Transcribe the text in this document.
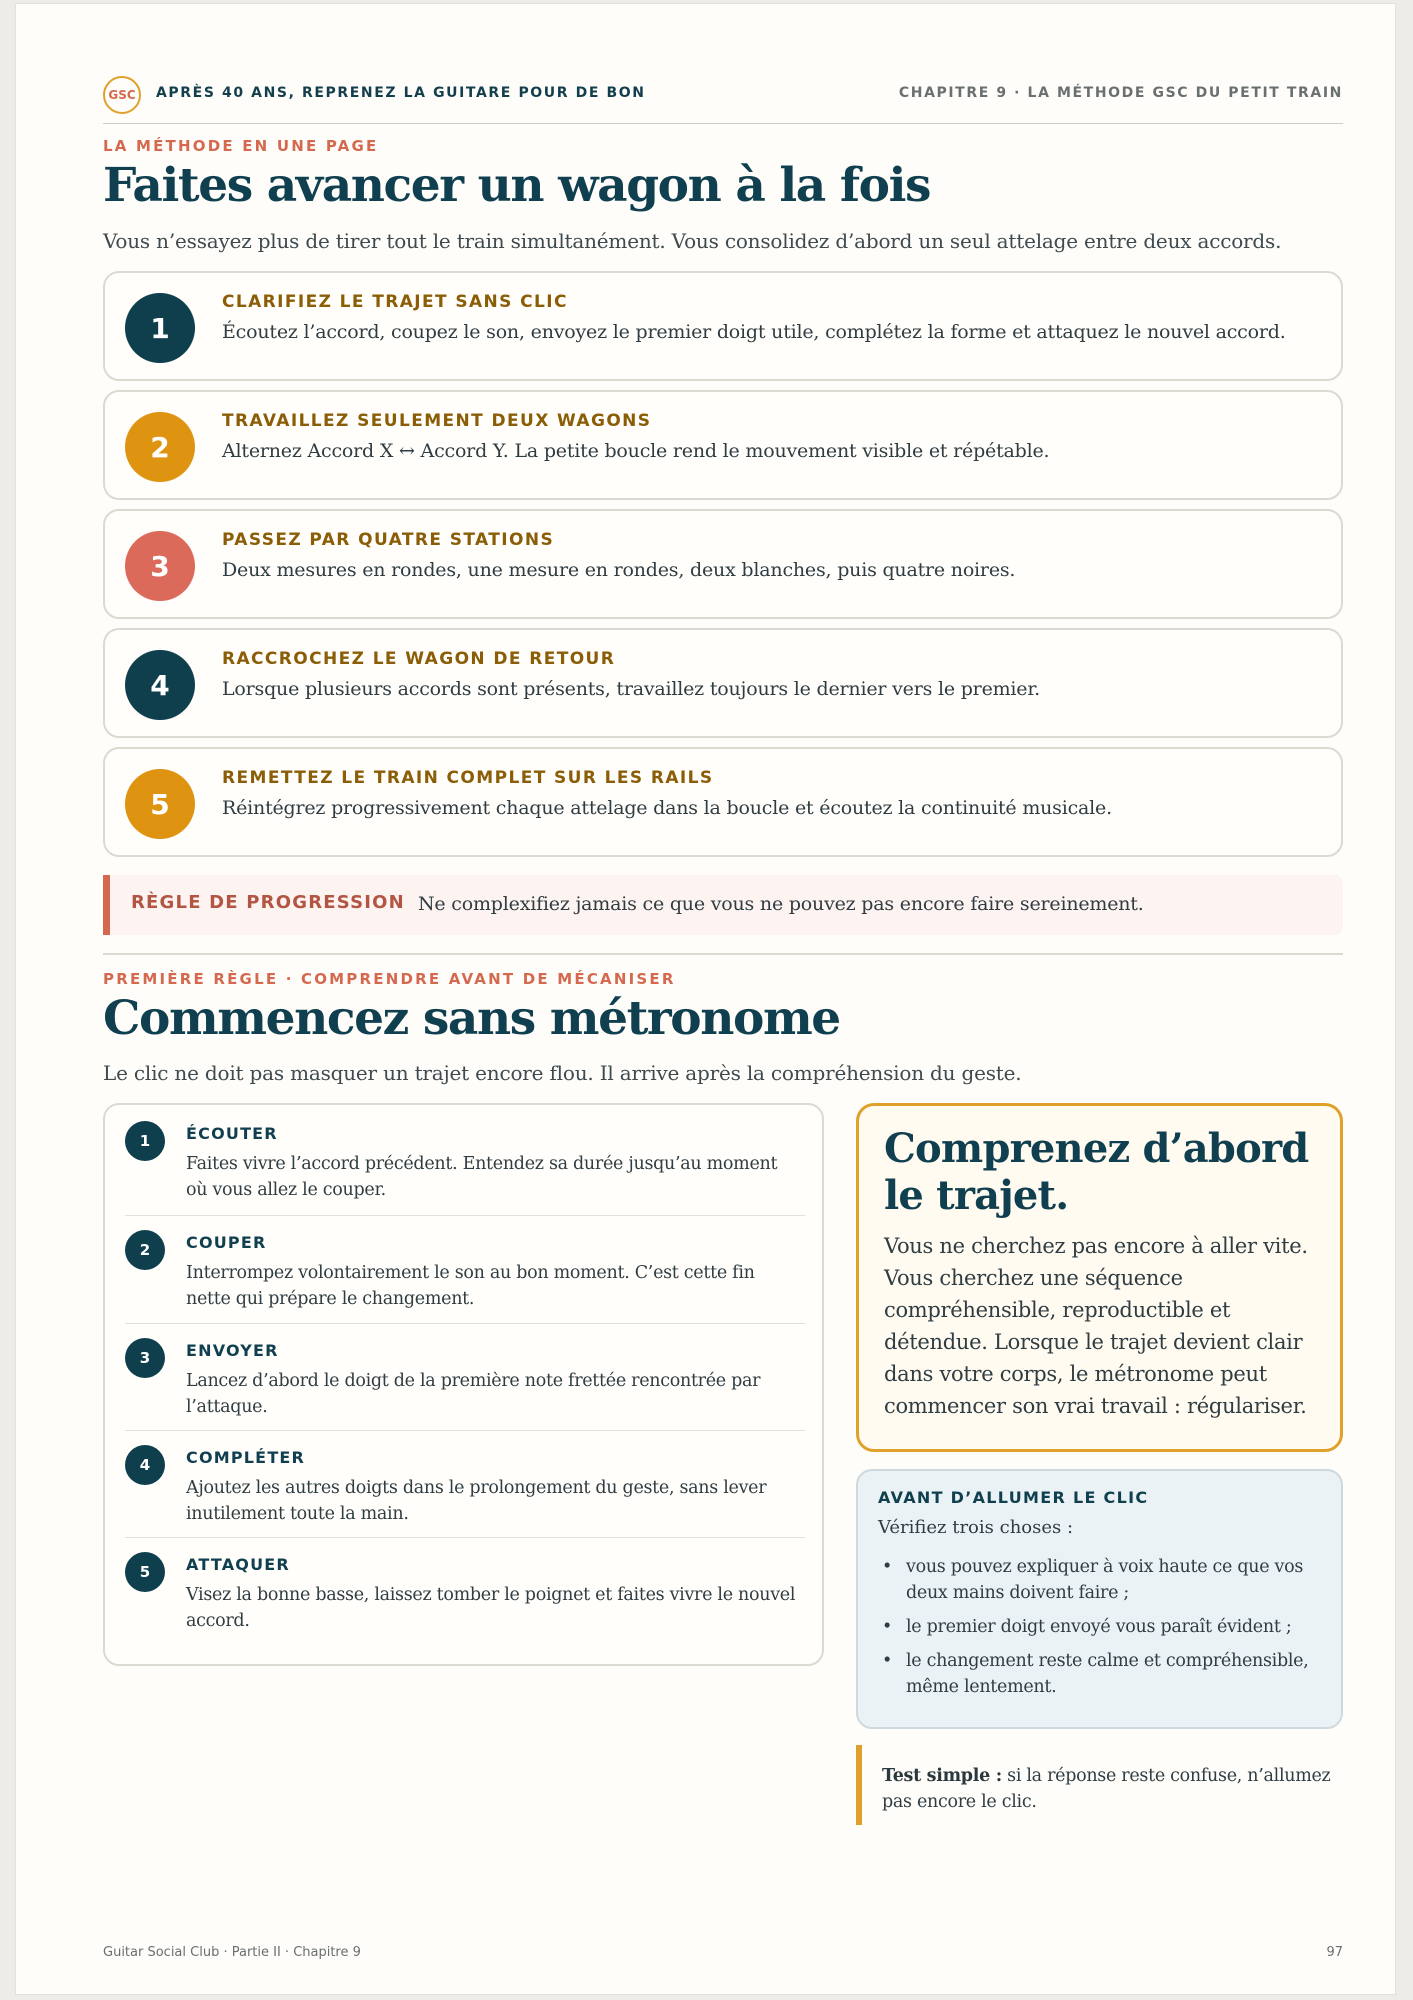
GSC	APRÈS 40 ANS, REPRENEZ LA GUITARE POUR DE BON	CHAPITRE 9 · LA MÉTHODE GSC DU PETIT TRAIN
LA MÉTHODE EN UNE PAGE
Faites avancer un wagon à la fois
Vous n’essayez plus de tirer tout le train simultanément. Vous consolidez d’abord un seul attelage entre deux accords.
1
CLARIFIEZ LE TRAJET SANS CLIC
Écoutez l’accord, coupez le son, envoyez le premier doigt utile, complétez la forme et attaquez le nouvel accord.
2
TRAVAILLEZ SEULEMENT DEUX WAGONS
Alternez Accord X ↔ Accord Y. La petite boucle rend le mouvement visible et répétable.
3
PASSEZ PAR QUATRE STATIONS
Deux mesures en rondes, une mesure en rondes, deux blanches, puis quatre noires.
4
RACCROCHEZ LE WAGON DE RETOUR
Lorsque plusieurs accords sont présents, travaillez toujours le dernier vers le premier.
5
REMETTEZ LE TRAIN COMPLET SUR LES RAILS
Réintégrez progressivement chaque attelage dans la boucle et écoutez la continuité musicale.
RÈGLE DE PROGRESSION Ne complexifiez jamais ce que vous ne pouvez pas encore faire sereinement.
PREMIÈRE RÈGLE · COMPRENDRE AVANT DE MÉCANISER
Commencez sans métronome
Le clic ne doit pas masquer un trajet encore flou. Il arrive après la compréhension du geste.
1	ÉCOUTER
Faites vivre l’accord précédent. Entendez sa durée jusqu’au moment où vous allez le couper.
2	COUPER
Interrompez volontairement le son au bon moment. C’est cette fin nette qui prépare le changement.
3	ENVOYER
Lancez d’abord le doigt de la première note frettée rencontrée par l’attaque.
4	COMPLÉTER
Ajoutez les autres doigts dans le prolongement du geste, sans lever inutilement toute la main.
5	ATTAQUER
Visez la bonne basse, laissez tomber le poignet et faites vivre le nouvel accord.
Comprenez d’abord le trajet.
Vous ne cherchez pas encore à aller vite. Vous cherchez une séquence compréhensible, reproductible et détendue. Lorsque le trajet devient clair dans votre corps, le métronome peut commencer son vrai travail : régulariser.
AVANT D’ALLUMER LE CLIC
Vérifiez trois choses :
• vous pouvez expliquer à voix haute ce que vos deux mains doivent faire ;
• le premier doigt envoyé vous paraît évident ;
• le changement reste calme et compréhensible, même lentement.
Test simple : si la réponse reste confuse, n’allumez pas encore le clic.
Guitar Social Club · Partie II · Chapitre 9	97
